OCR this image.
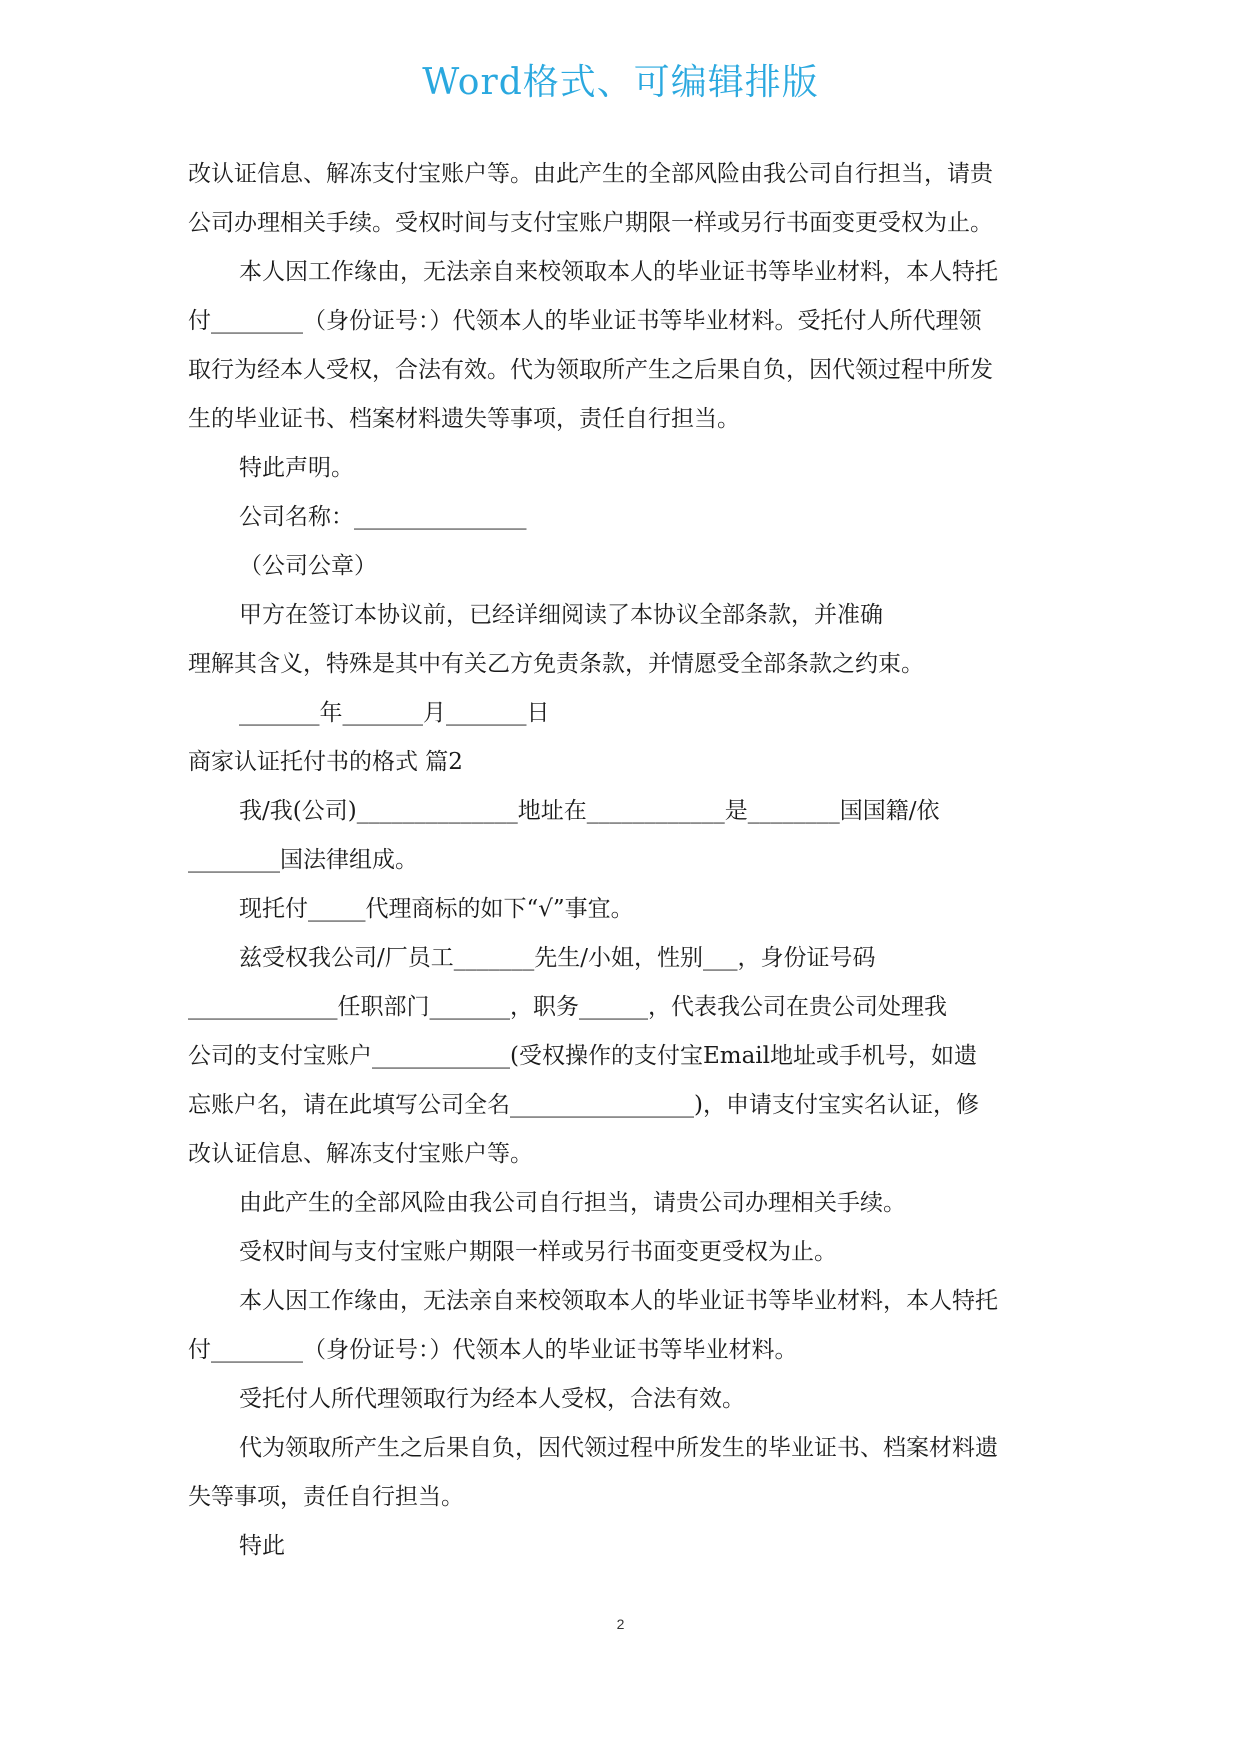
Word格式、可编辑排版

改认证信息、解冻支付宝账户等。由此产生的全部风险由我公司自行担当，请贵

公司办理相关手续。受权时间与支付宝账户期限一样或另行书面变更受权为止。

本人因工作缘由，无法亲自来校领取本人的毕业证书等毕业材料，本人特托

付________（身份证号：）代领本人的毕业证书等毕业材料。受托付人所代理领

取行为经本人受权，合法有效。代为领取所产生之后果自负，因代领过程中所发

生的毕业证书、档案材料遗失等事项，责任自行担当。

特此声明。

公司名称：_______________

（公司公章）

甲方在签订本协议前，已经详细阅读了本协议全部条款，并准确

理解其含义，特殊是其中有关乙方免责条款，并情愿受全部条款之约束。

_______年_______月_______日

商家认证托付书的格式 篇2

我/我(公司)______________地址在____________是________国国籍/依

________国法律组成。

现托付_____代理商标的如下“√”事宜。

兹受权我公司/厂员工_______先生/小姐，性别___，身份证号码

_____________任职部门_______，职务______，代表我公司在贵公司处理我

公司的支付宝账户____________(受权操作的支付宝Email地址或手机号，如遗

忘账户名，请在此填写公司全名________________)，申请支付宝实名认证，修

改认证信息、解冻支付宝账户等。

由此产生的全部风险由我公司自行担当，请贵公司办理相关手续。

受权时间与支付宝账户期限一样或另行书面变更受权为止。

本人因工作缘由，无法亲自来校领取本人的毕业证书等毕业材料，本人特托

付________（身份证号：）代领本人的毕业证书等毕业材料。

受托付人所代理领取行为经本人受权，合法有效。

代为领取所产生之后果自负，因代领过程中所发生的毕业证书、档案材料遗

失等事项，责任自行担当。

特此

2
